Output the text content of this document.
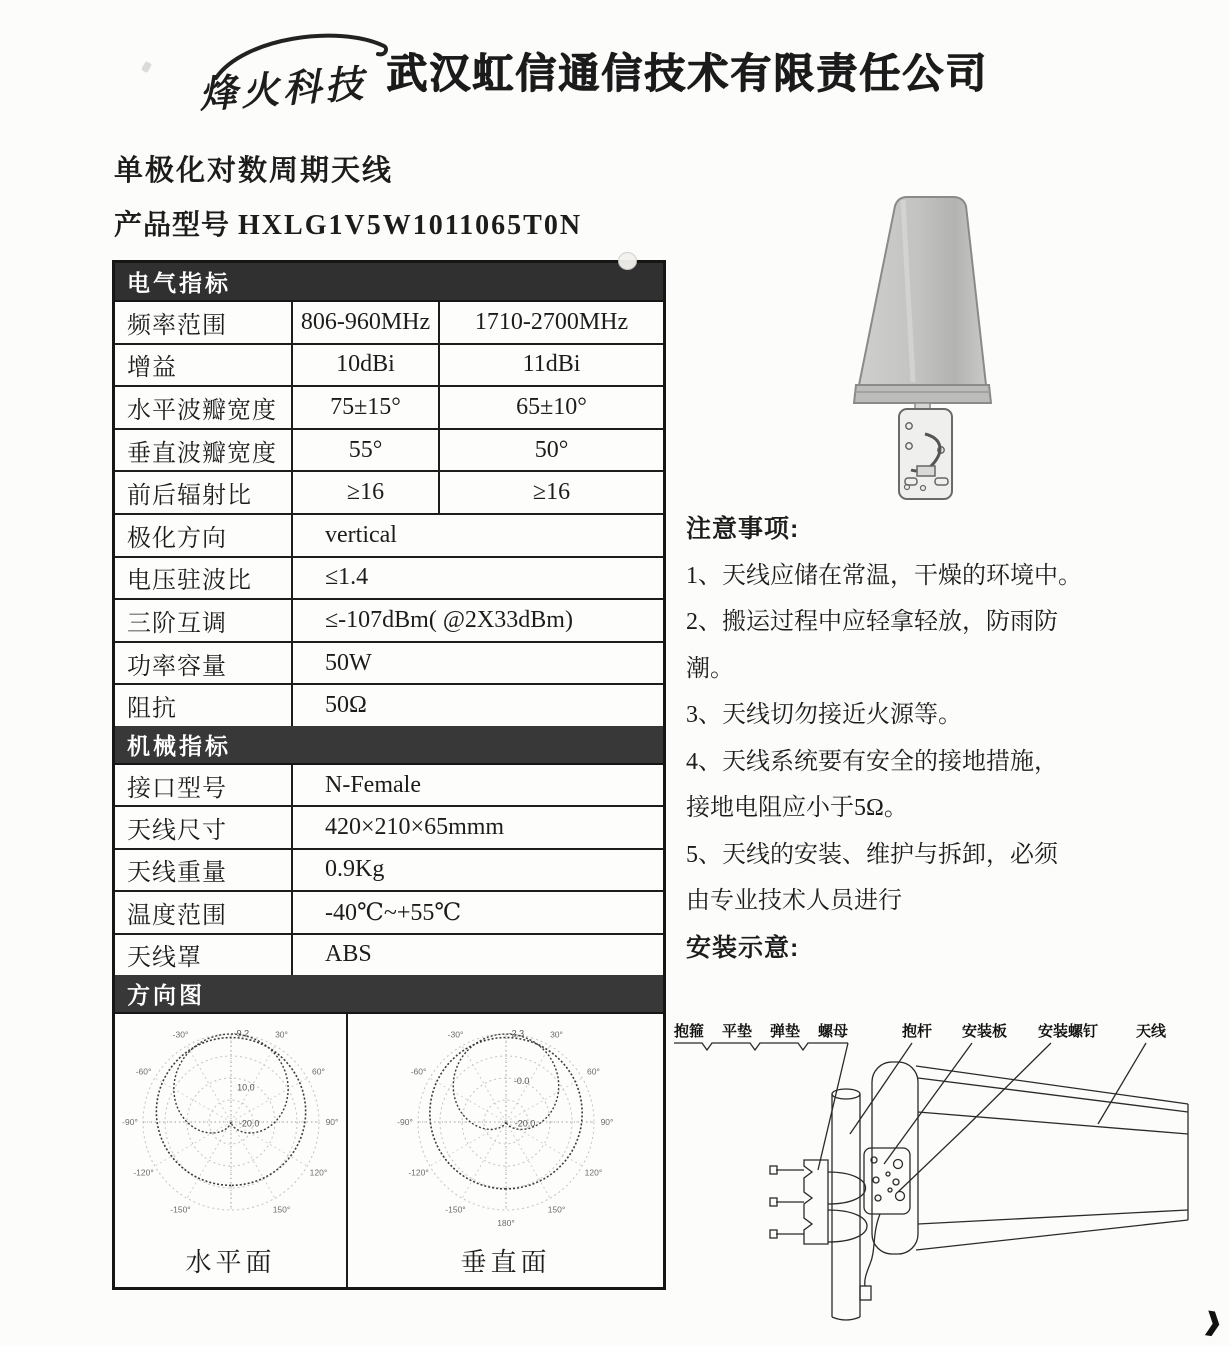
烽火科技 武汉虹信通信技术有限责任公司
单极化对数周期天线
产品型号 HXLG1V5W1011065T0N
电气指标
频率范围	806-960MHz	1710-2700MHz
增益	10dBi	11dBi
水平波瓣宽度	75±15°	65±10°
垂直波瓣宽度	55°	50°
前后辐射比	≥16	≥16
极化方向	vertical
电压驻波比	≤1.4
三阶互调	≤-107dBm( @2X33dBm)
功率容量	50W
阻抗	50Ω
机械指标
接口型号	N-Female
天线尺寸	420×210×65mmm
天线重量	0.9Kg
温度范围	-40℃~+55℃
天线罩	ABS
方向图
-30°	30°
-60°	60°
-90°	90°
-120°	120°
-150°	150°
-9.2
10.0
-20.0
水平面
-30°	30°
-60°	60°
-90°	90°
-120°	120°
-150°	150°
180°
-2.3
-0.0
-20.0
垂直面
注意事项:
1、天线应储在常温，干燥的环境中。
2、搬运过程中应轻拿轻放，防雨防
潮。
3、天线切勿接近火源等。
4、天线系统要有安全的接地措施，
接地电阻应小于5Ω。
5、天线的安装、维护与拆卸，必须
由专业技术人员进行
安装示意:
抱箍 平垫 弹垫 螺母	抱杆 安装板 安装螺钉	天线
❱
